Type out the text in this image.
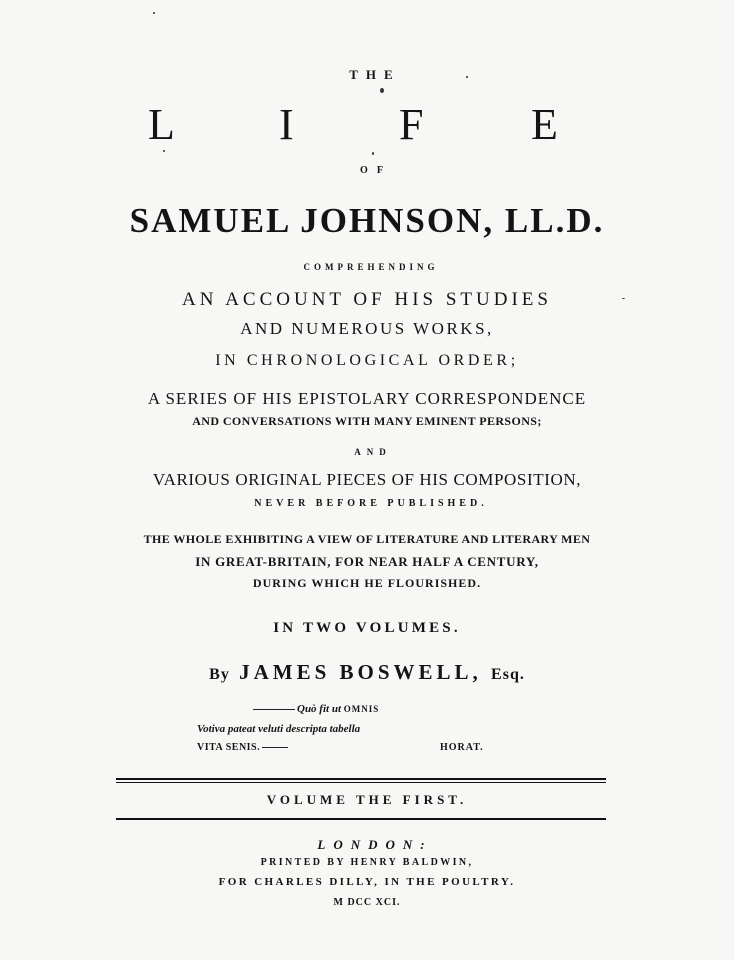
THE
L I F E
OF
SAMUEL JOHNSON, LL.D.
COMPREHENDING
AN ACCOUNT OF HIS STUDIES
AND NUMEROUS WORKS,
IN CHRONOLOGICAL ORDER;
A SERIES OF HIS EPISTOLARY CORRESPONDENCE
AND CONVERSATIONS WITH MANY EMINENT PERSONS;
AND
VARIOUS ORIGINAL PIECES OF HIS COMPOSITION,
NEVER BEFORE PUBLISHED.
THE WHOLE EXHIBITING A VIEW OF LITERATURE AND LITERARY MEN
IN GREAT-BRITAIN, FOR NEAR HALF A CENTURY,
DURING WHICH HE FLOURISHED.
IN TWO VOLUMES.
By JAMES BOSWELL, Esq.
Quò fit ut OMNIS
Votiva pateat veluti descripta tabella
VITA SENIS.	HORAT.
VOLUME THE FIRST.
LONDON:
PRINTED BY HENRY BALDWIN,
FOR CHARLES DILLY, IN THE POULTRY.
M DCC XCI.
